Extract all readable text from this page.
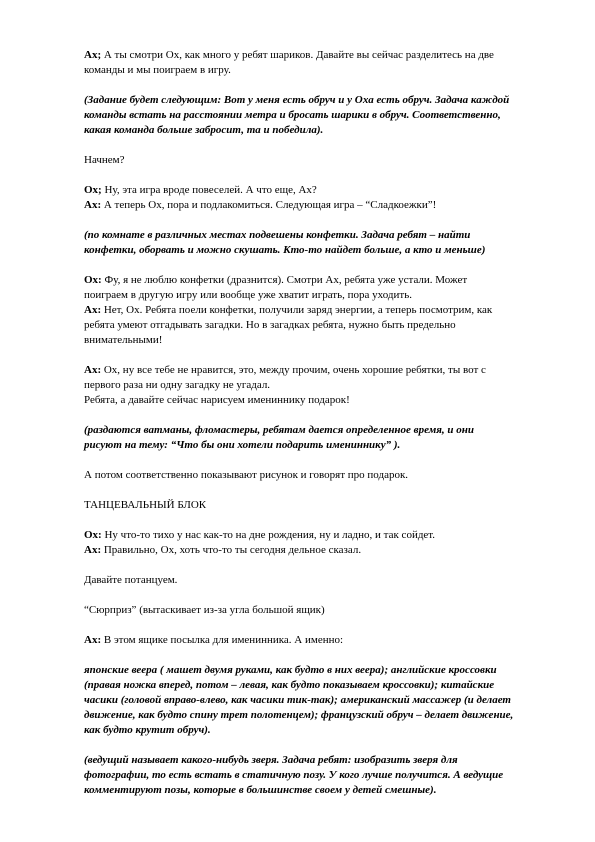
Ах; А ты смотри Ох, как много у ребят шариков. Давайте вы сейчас разделитесь на две
команды и мы поиграем в игру.
(Задание будет следующим: Вот у меня есть обруч и у Оха есть обруч. Задача каждой
команды встать на расстоянии метра и бросать шарики в обруч. Соответственно,
какая команда больше забросит, та и победила).
Начнем?
Ох; Ну, эта игра вроде повеселей. А что еще, Ах?
Ах: А теперь Ох, пора и подлакомиться. Следующая игра – “Сладкоежки”!
(по комнате в различных местах подвешены конфетки. Задача ребят – найти
конфетки, оборвать и можно скушать. Кто-то найдет больше, а кто и меньше)
Ох: Фу, я не люблю конфетки (дразнится). Смотри Ах, ребята уже устали. Может
поиграем в другую игру или вообще уже хватит играть, пора уходить.
Ах: Нет, Ох. Ребята поели конфетки, получили заряд энергии, а теперь посмотрим, как
ребята умеют отгадывать загадки. Но в загадках ребята, нужно быть предельно
внимательными!
Ах: Ох, ну все тебе не нравится, это, между прочим, очень хорошие ребятки, ты вот с
первого раза ни одну загадку не угадал.
Ребята, а давайте сейчас нарисуем имениннику подарок!
(раздаются ватманы, фломастеры, ребятам дается определенное время, и они
рисуют на тему: “Что бы они хотели подарить имениннику” ).
А потом соответственно показывают рисунок и говорят про подарок.
ТАНЦЕВАЛЬНЫЙ БЛОК
Ох: Ну что-то тихо у нас как-то на дне рождения, ну и ладно, и так сойдет.
Ах: Правильно, Ох, хоть что-то ты сегодня дельное сказал.
Давайте потанцуем.
“Сюрприз” (вытаскивает из-за угла большой ящик)
Ах: В этом ящике посылка для именинника. А именно:
японские веера ( машет двумя руками, как будто в них веера); английские кроссовки
(правая ножка вперед, потом – левая, как будто показываем кроссовки); китайские
часики (головой вправо-влево, как часики тик-так); американский массажер (и делает
движение, как будто спину трет полотенцем); французский обруч – делает движение,
как будто крутит обруч).
(ведущий называет какого-нибудь зверя. Задача ребят: изобразить зверя для
фотографии, то есть встать в статичную позу. У кого лучше получится. А ведущие
комментируют позы, которые в большинстве своем у детей смешные).
